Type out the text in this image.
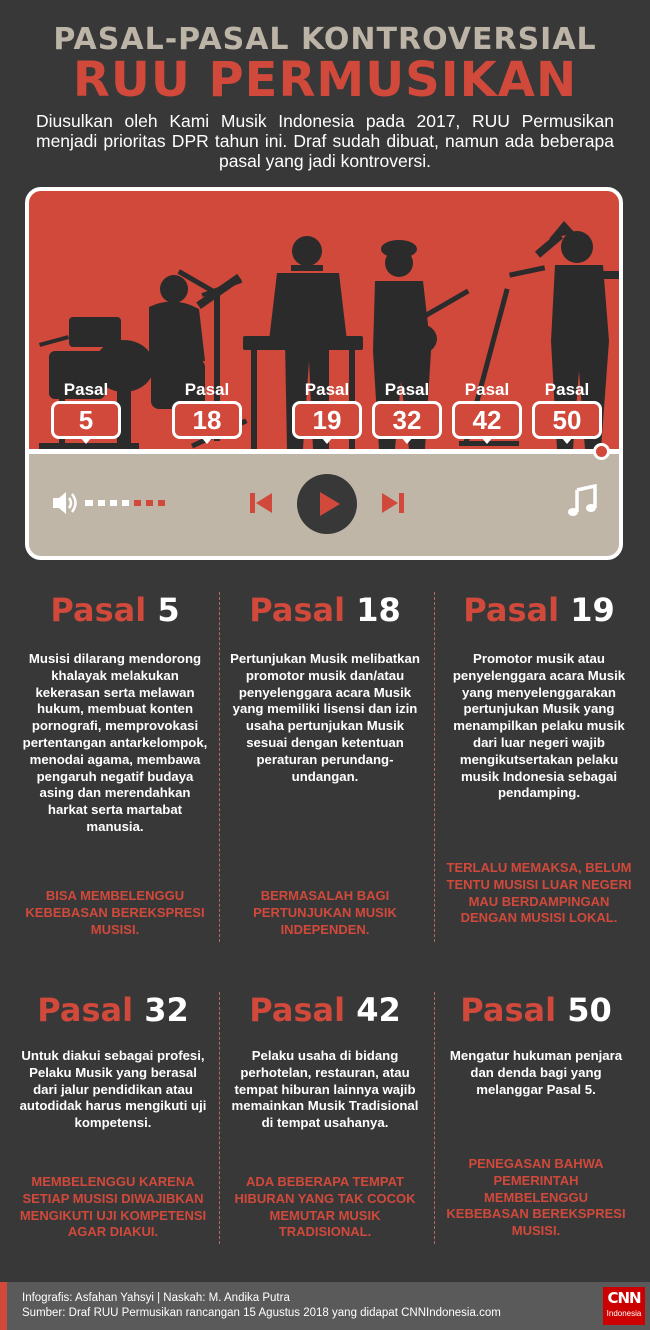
PASAL-PASAL KONTROVERSIAL
RUU PERMUSIKAN
Diusulkan oleh Kami Musik Indonesia pada 2017, RUU Permusikan menjadi prioritas DPR tahun ini. Draf sudah dibuat, namun ada beberapa pasal yang jadi kontroversi.
Pasal
5
Pasal
18
Pasal
19
Pasal
32
Pasal
42
Pasal
50
Pasal 5
Musisi dilarang mendorong khalayak melakukan kekerasan serta melawan hukum, membuat konten pornografi, memprovokasi pertentangan antarkelompok, menodai agama, membawa pengaruh negatif budaya asing dan merendahkan harkat serta martabat manusia.
BISA MEMBELENGGU KEBEBASAN BEREKSPRESI MUSISI.
Pasal 18
Pertunjukan Musik melibatkan promotor musik dan/atau penyelenggara acara Musik yang memiliki lisensi dan izin usaha pertunjukan Musik sesuai dengan ketentuan peraturan perundang-undangan.
BERMASALAH BAGI PERTUNJUKAN MUSIK INDEPENDEN.
Pasal 19
Promotor musik atau penyelenggara acara Musik yang menyelenggarakan pertunjukan Musik yang menampilkan pelaku musik dari luar negeri wajib mengikutsertakan pelaku musik Indonesia sebagai pendamping.
TERLALU MEMAKSA, BELUM TENTU MUSISI LUAR NEGERI MAU BERDAMPINGAN DENGAN MUSISI LOKAL.
Pasal 32
Untuk diakui sebagai profesi, Pelaku Musik yang berasal dari jalur pendidikan atau autodidak harus mengikuti uji kompetensi.
MEMBELENGGU KARENA SETIAP MUSISI DIWAJIBKAN MENGIKUTI UJI KOMPETENSI AGAR DIAKUI.
Pasal 42
Pelaku usaha di bidang perhotelan, restauran, atau tempat hiburan lainnya wajib memainkan Musik Tradisional di tempat usahanya.
ADA BEBERAPA TEMPAT HIBURAN YANG TAK COCOK MEMUTAR MUSIK TRADISIONAL.
Pasal 50
Mengatur hukuman penjara dan denda bagi yang melanggar Pasal 5.
PENEGASAN BAHWA PEMERINTAH MEMBELENGGU KEBEBASAN BEREKSPRESI MUSISI.
Infografis: Asfahan Yahsyi | Naskah: M. Andika Putra
Sumber: Draf RUU Permusikan rancangan 15 Agustus 2018 yang didapat CNNIndonesia.com
CNN
Indonesia
